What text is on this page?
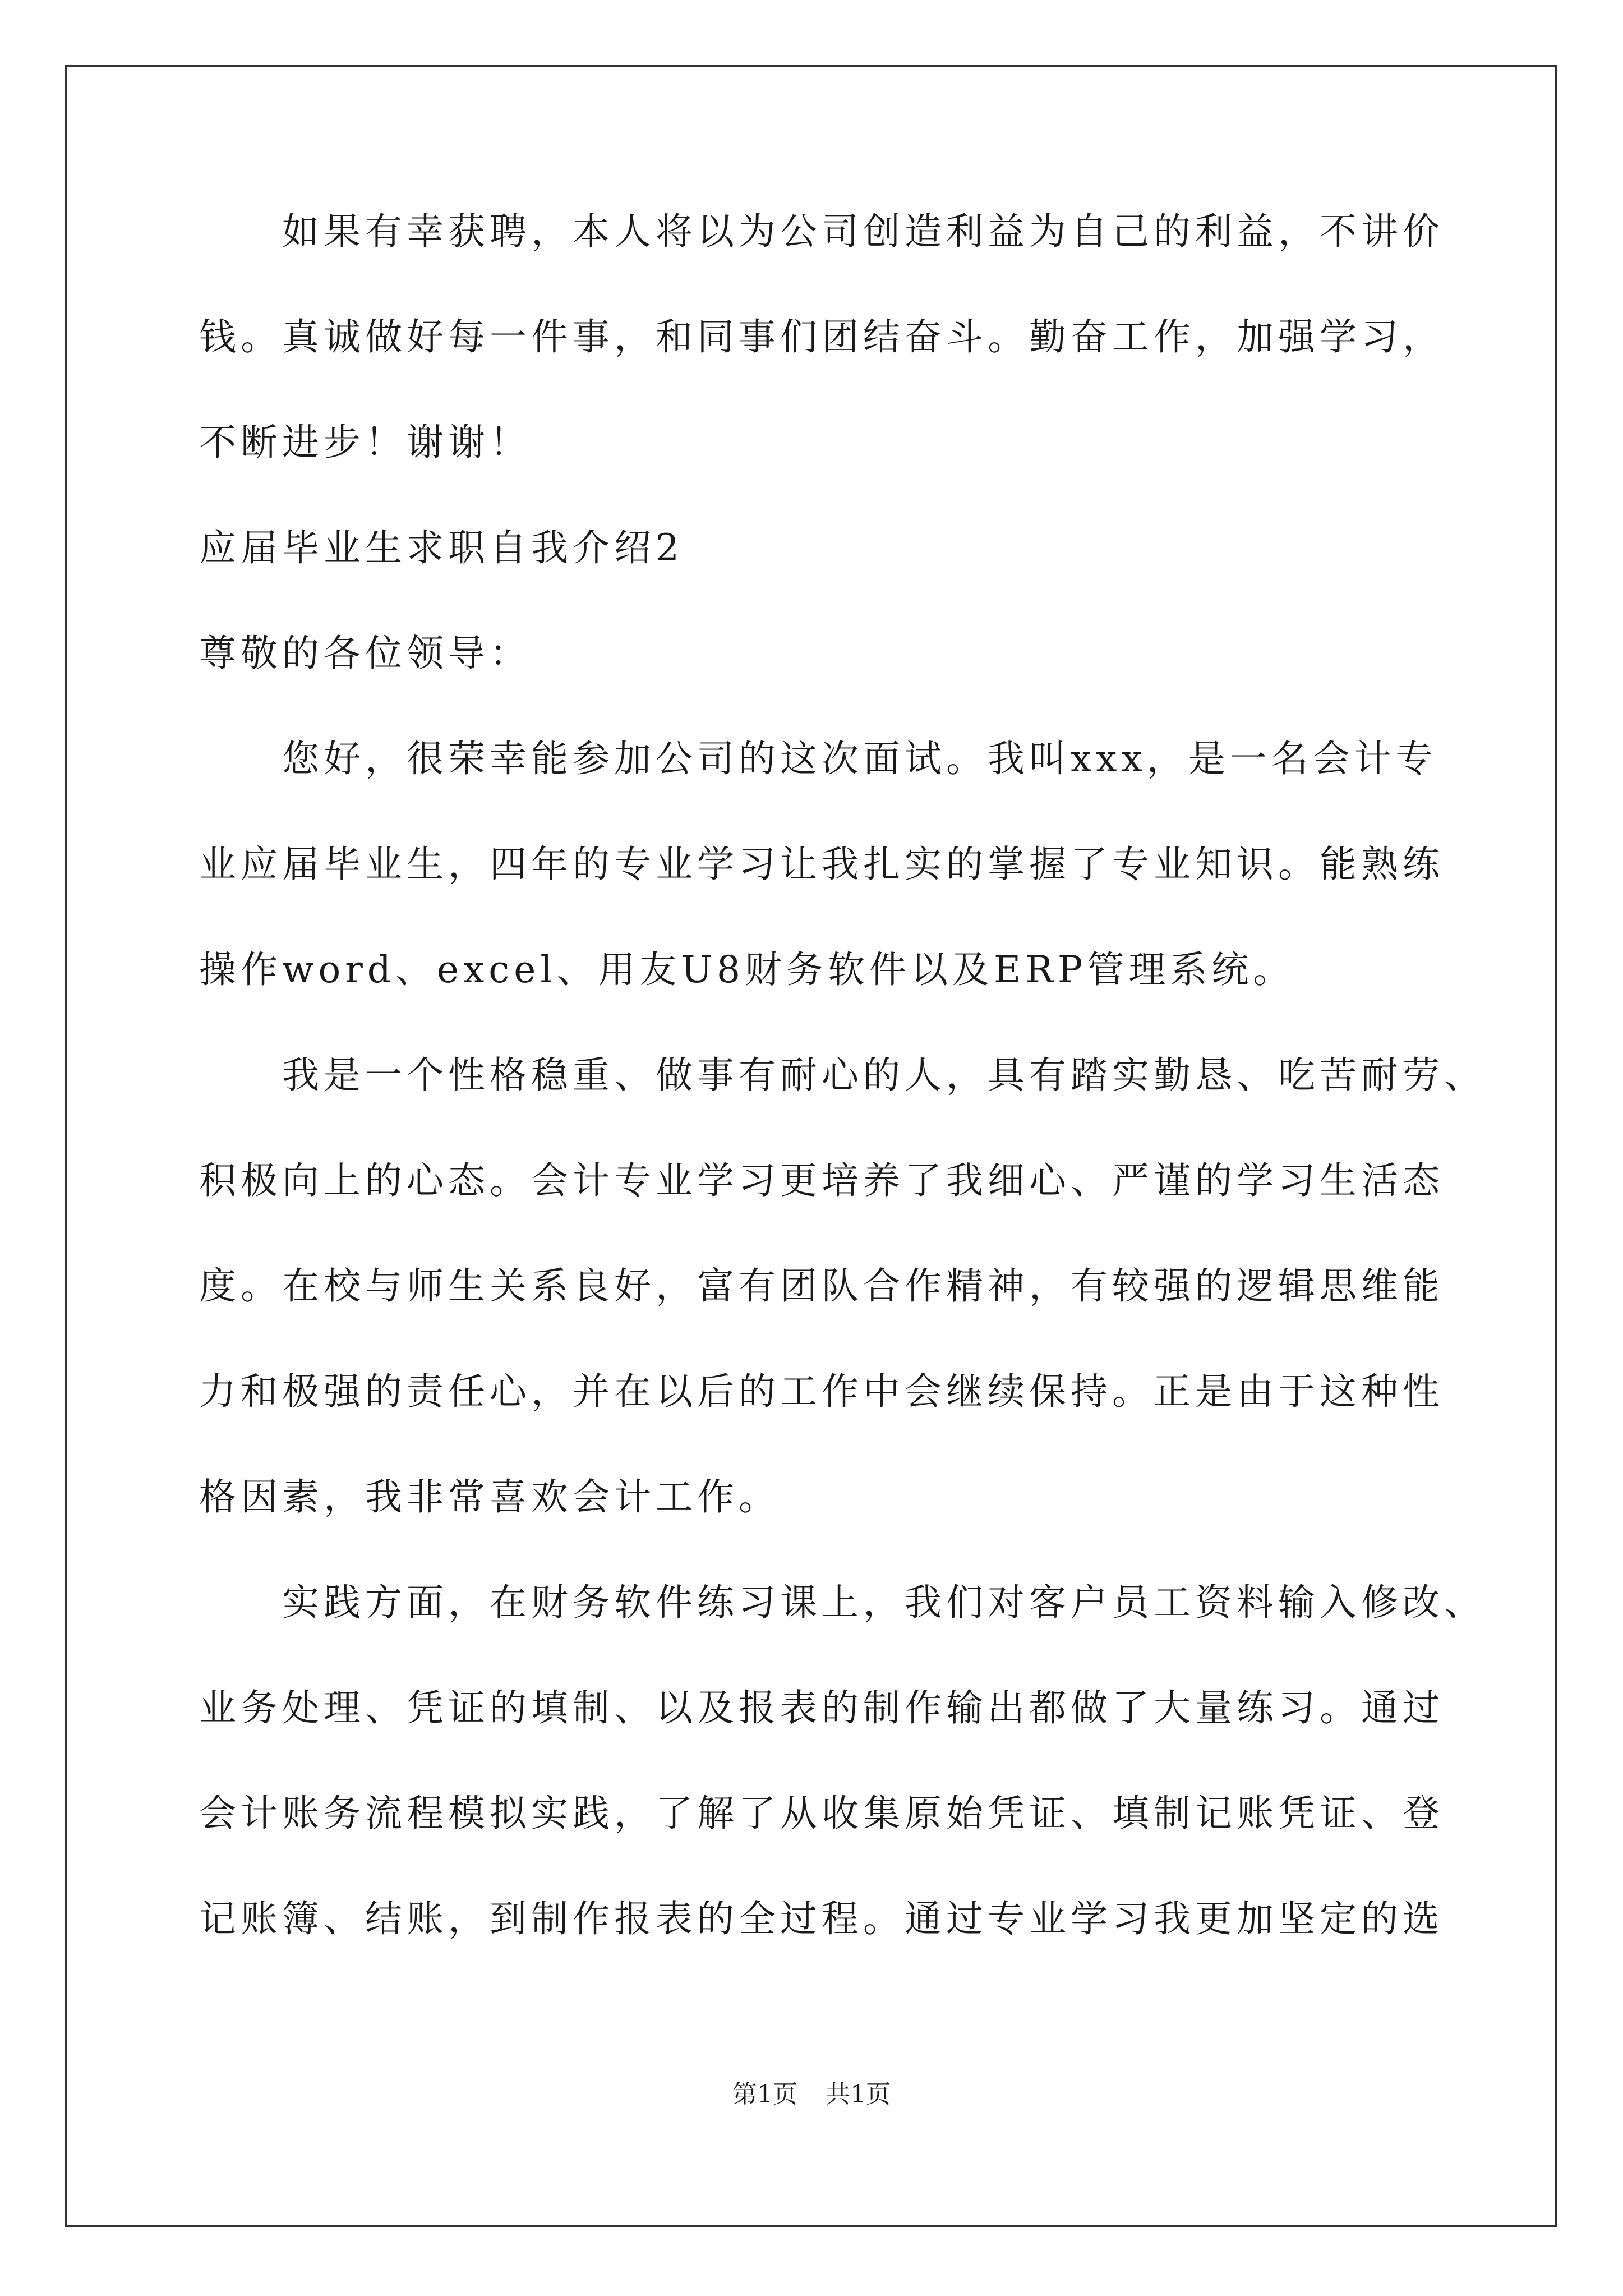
如果有幸获聘，本人将以为公司创造利益为自己的利益，不讲价
钱。真诚做好每一件事，和同事们团结奋斗。勤奋工作，加强学习，
不断进步！谢谢！
应届毕业生求职自我介绍2
尊敬的各位领导：
您好，很荣幸能参加公司的这次面试。我叫xxx，是一名会计专
业应届毕业生，四年的专业学习让我扎实的掌握了专业知识。能熟练
操作word、excel、用友U8财务软件以及ERP管理系统。
我是一个性格稳重、做事有耐心的人，具有踏实勤恳、吃苦耐劳、
积极向上的心态。会计专业学习更培养了我细心、严谨的学习生活态
度。在校与师生关系良好，富有团队合作精神，有较强的逻辑思维能
力和极强的责任心，并在以后的工作中会继续保持。正是由于这种性
格因素，我非常喜欢会计工作。
实践方面，在财务软件练习课上，我们对客户员工资料输入修改、
业务处理、凭证的填制、以及报表的制作输出都做了大量练习。通过
会计账务流程模拟实践，了解了从收集原始凭证、填制记账凭证、登
记账簿、结账，到制作报表的全过程。通过专业学习我更加坚定的选
第1页 共1页
